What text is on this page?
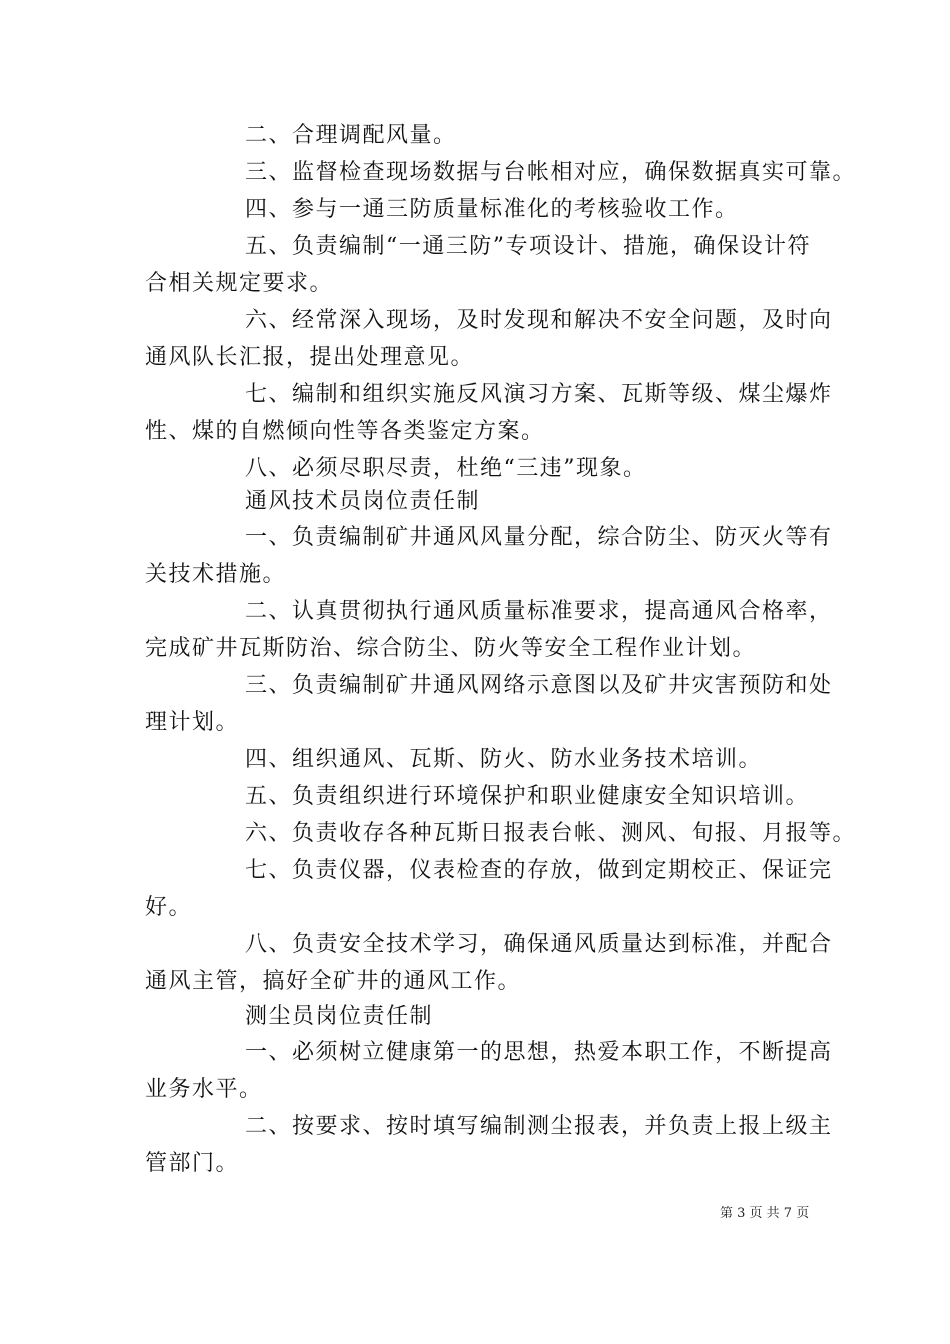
二、合理调配风量。
三、监督检查现场数据与台帐相对应，确保数据真实可靠。
四、参与一通三防质量标准化的考核验收工作。
五、负责编制“一通三防”专项设计、措施，确保设计符
合相关规定要求。
六、经常深入现场，及时发现和解决不安全问题，及时向
通风队长汇报，提出处理意见。
七、编制和组织实施反风演习方案、瓦斯等级、煤尘爆炸
性、煤的自燃倾向性等各类鉴定方案。
八、必须尽职尽责，杜绝“三违”现象。
通风技术员岗位责任制
一、负责编制矿井通风风量分配，综合防尘、防灭火等有
关技术措施。
二、认真贯彻执行通风质量标准要求，提高通风合格率，
完成矿井瓦斯防治、综合防尘、防火等安全工程作业计划。
三、负责编制矿井通风网络示意图以及矿井灾害预防和处
理计划。
四、组织通风、瓦斯、防火、防水业务技术培训。
五、负责组织进行环境保护和职业健康安全知识培训。
六、负责收存各种瓦斯日报表台帐、测风、旬报、月报等。
七、负责仪器，仪表检查的存放，做到定期校正、保证完
好。
八、负责安全技术学习，确保通风质量达到标准，并配合
通风主管，搞好全矿井的通风工作。
测尘员岗位责任制
一、必须树立健康第一的思想，热爱本职工作，不断提高
业务水平。
二、按要求、按时填写编制测尘报表，并负责上报上级主
管部门。
第 3 页 共 7 页
